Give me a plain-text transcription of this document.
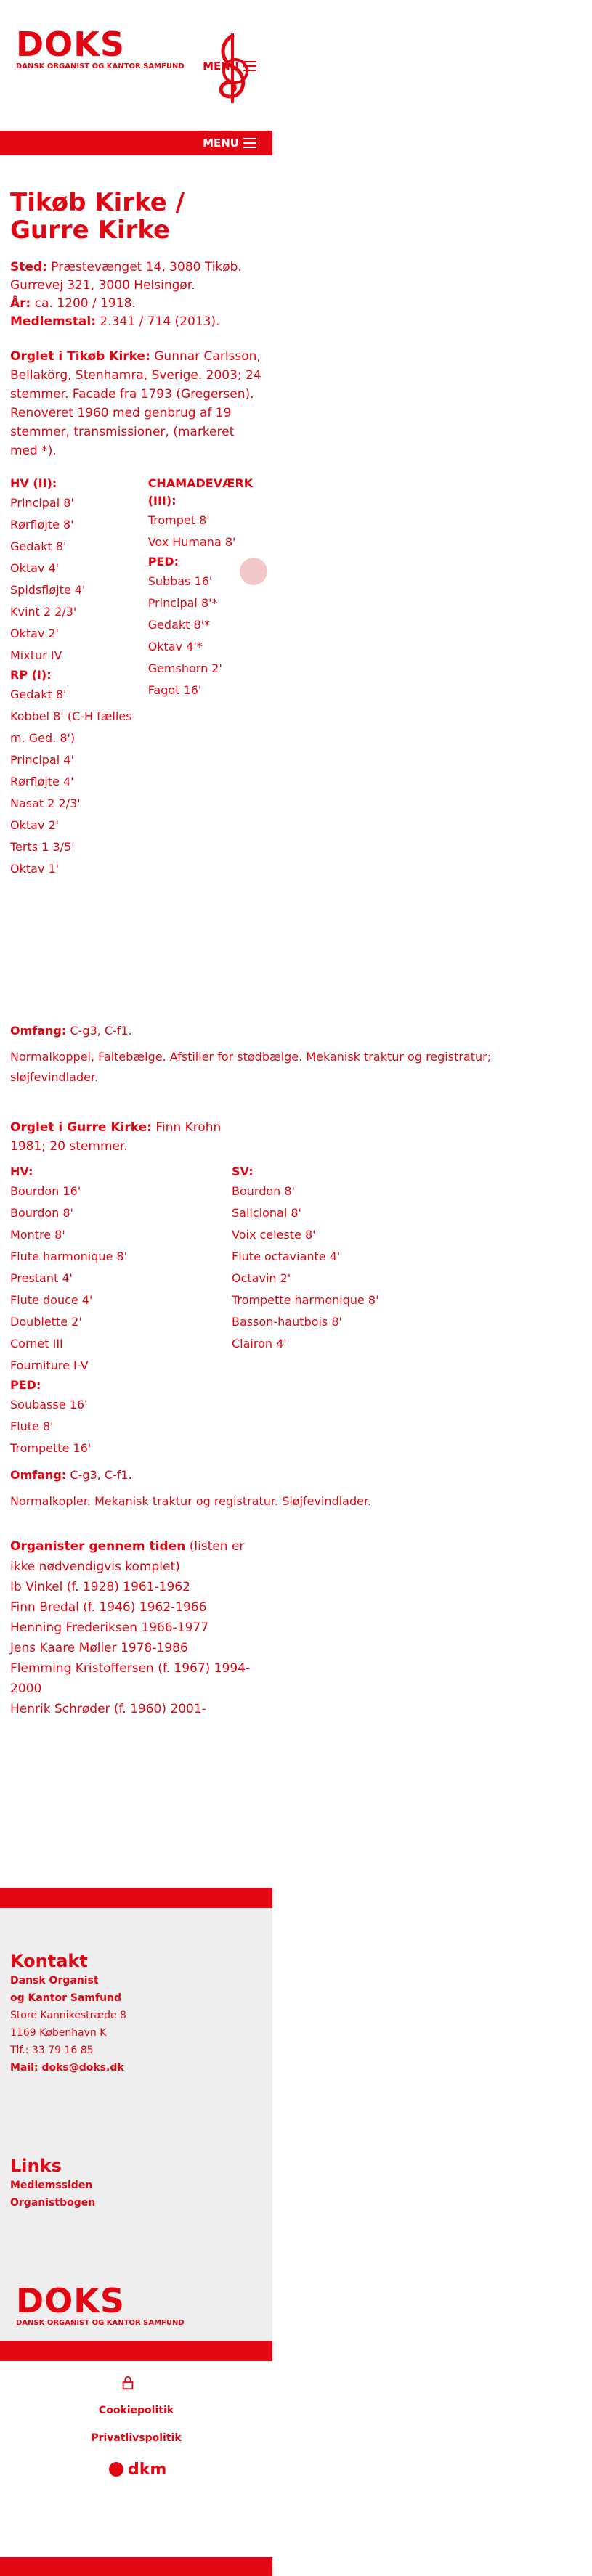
DOKS
DANSK ORGANIST OG KANTOR SAMFUND	MENU
MENU
Tikøb Kirke / Gurre Kirke

Sted: Præstevænget 14, 3080 Tikøb. Gurrevej 321, 3000 Helsingør.

År: ca. 1200 / 1918.

Medlemstal: 2.341 / 714 (2013).

Orglet i Tikøb Kirke: Gunnar Carlsson, Bellakörg, Stenhamra, Sverige. 2003; 24 stemmer. Facade fra 1793 (Gregersen). Renoveret 1960 med genbrug af 19 stemmer, transmissioner, (markeret med *).

HV (II):
Principal 8'
Rørfløjte 8'
Gedakt 8'
Oktav 4'
Spidsfløjte 4'
Kvint 2 2/3'
Oktav 2'
Mixtur IV
RP (I):
Gedakt 8'
Kobbel 8' (C-H fælles m. Ged. 8')
Principal 4'
Rørfløjte 4'
Nasat 2 2/3'
Oktav 2'
Terts 1 3/5'
Oktav 1'
CHAMADEVÆRK (III):
Trompet 8'
Vox Humana 8'
PED:
Subbas 16'
Principal 8'*
Gedakt 8'*
Oktav 4'*
Gemshorn 2'
Fagot 16'

Omfang: C-g3, C-f1.

Normalkoppel, Faltebælge. Afstiller for stødbælge. Mekanisk traktur og registratur; sløjfevindlader.

Orglet i Gurre Kirke: Finn Krohn 1981; 20 stemmer.

HV:
Bourdon 16'
Bourdon 8'
Montre 8'
Flute harmonique 8'
Prestant 4'
Flute douce 4'
Doublette 2'
Cornet III
Fourniture I-V
PED:
Soubasse 16'
Flute 8'
Trompette 16'
SV:
Bourdon 8'
Salicional 8'
Voix celeste 8'
Flute octaviante 4'
Octavin 2'
Trompette harmonique 8'
Basson-hautbois 8'
Clairon 4'

Omfang: C-g3, C-f1.

Normalkopler. Mekanisk traktur og registratur. Sløjfevindlader.

Organister gennem tiden (listen er ikke nødvendigvis komplet)

Ib Vinkel (f. 1928) 1961-1962

Finn Bredal (f. 1946) 1962-1966

Henning Frederiksen 1966-1977

Jens Kaare Møller 1978-1986

Flemming Kristoffersen (f. 1967) 1994-2000

Henrik Schrøder (f. 1960) 2001-

Kontakt
Dansk Organist
og Kantor Samfund
Store Kannikestræde 8
1169 København K
Tlf.: 33 79 16 85
Mail: doks@doks.dk
Links
Medlemssiden
Organistbogen
DOKS
DANSK ORGANIST OG KANTOR SAMFUND
Cookiepolitik
Privatlivspolitik
dkm
